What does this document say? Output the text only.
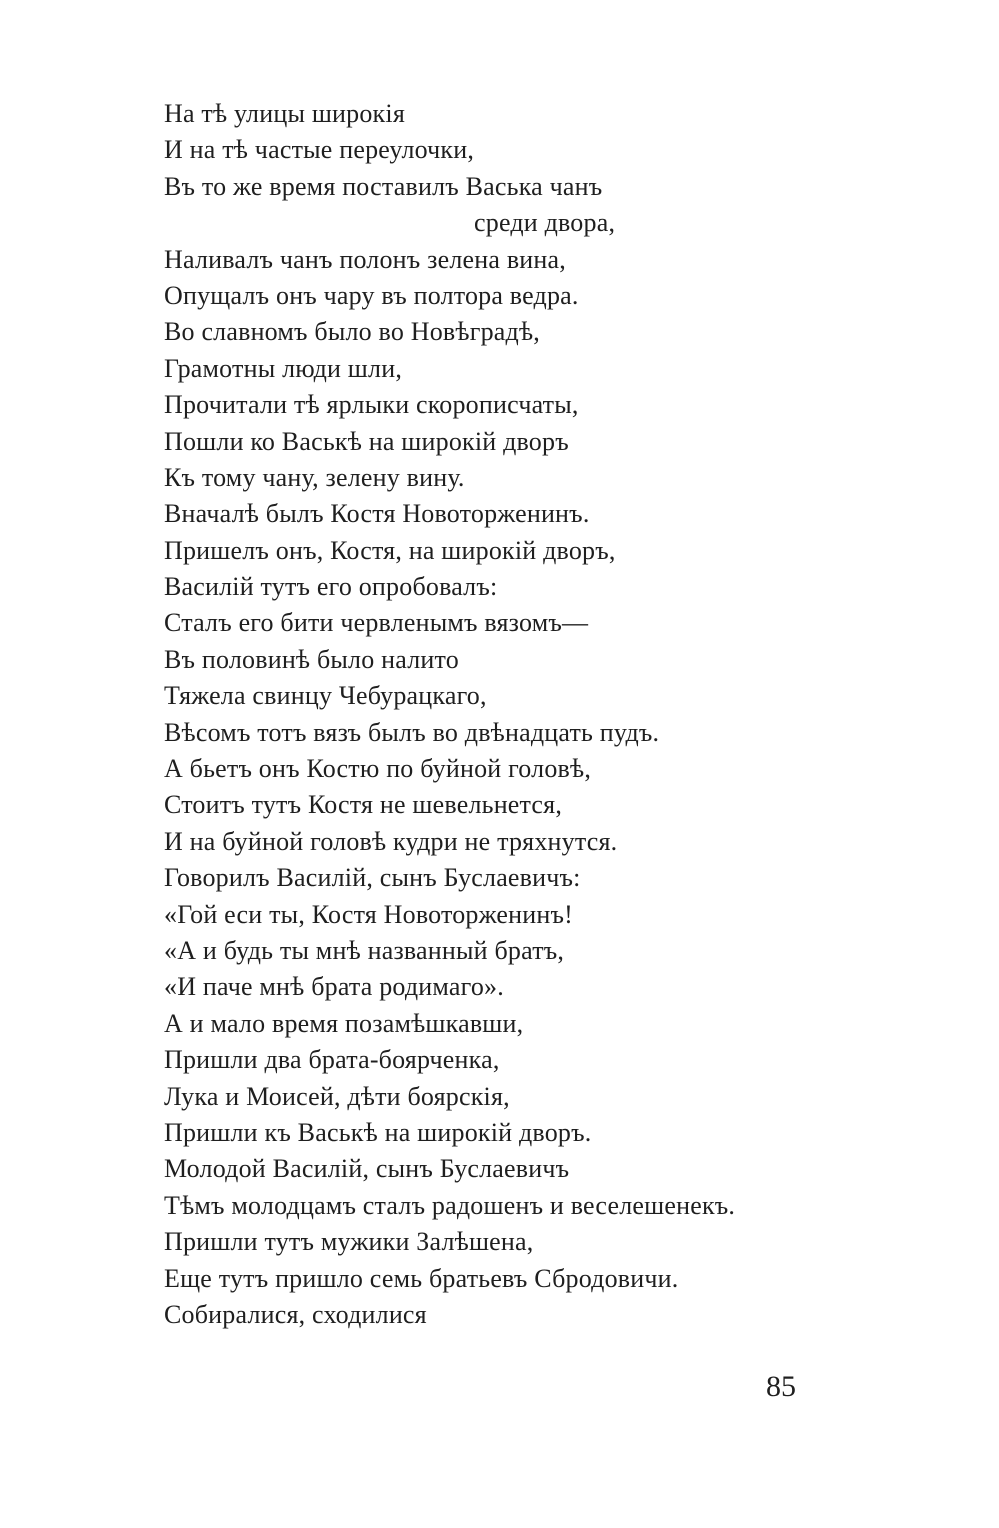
На тѣ улицы широкія
И на тѣ частые переулочки,
Въ то же время поставилъ Васька чанъ
среди двора,
Наливалъ чанъ полонъ зелена вина,
Опущалъ онъ чару въ полтора ведра.
Во славномъ было во Новѣградѣ,
Грамотны люди шли,
Прочитали тѣ ярлыки скорописчаты,
Пошли ко Васькѣ на широкій дворъ
Къ тому чану, зелену вину.
Вначалѣ былъ Костя Новоторженинъ.
Пришелъ онъ, Костя, на широкій дворъ,
Василій тутъ его опробовалъ:
Сталъ его бити червленымъ вязомъ—
Въ половинѣ было налито
Тяжела свинцу Чебурацкаго,
Вѣсомъ тотъ вязъ былъ во двѣнадцать пудъ.
А бьетъ онъ Костю по буйной головѣ,
Стоитъ тутъ Костя не шевельнется,
И на буйной головѣ кудри не тряхнутся.
Говорилъ Василій, сынъ Буслаевичъ:
«Гой еси ты, Костя Новоторженинъ!
«А и будь ты мнѣ названный братъ,
«И паче мнѣ брата родимаго».
А и мало время позамѣшкавши,
Пришли два брата-боярченка,
Лука и Моисей, дѣти боярскія,
Пришли къ Васькѣ на широкій дворъ.
Молодой Василій, сынъ Буслаевичъ
Тѣмъ молодцамъ сталъ радошенъ и веселешенекъ.
Пришли тутъ мужики Залѣшена,
Еще тутъ пришло семь братьевъ Сбродовичи.
Собиралися, сходилися
85
